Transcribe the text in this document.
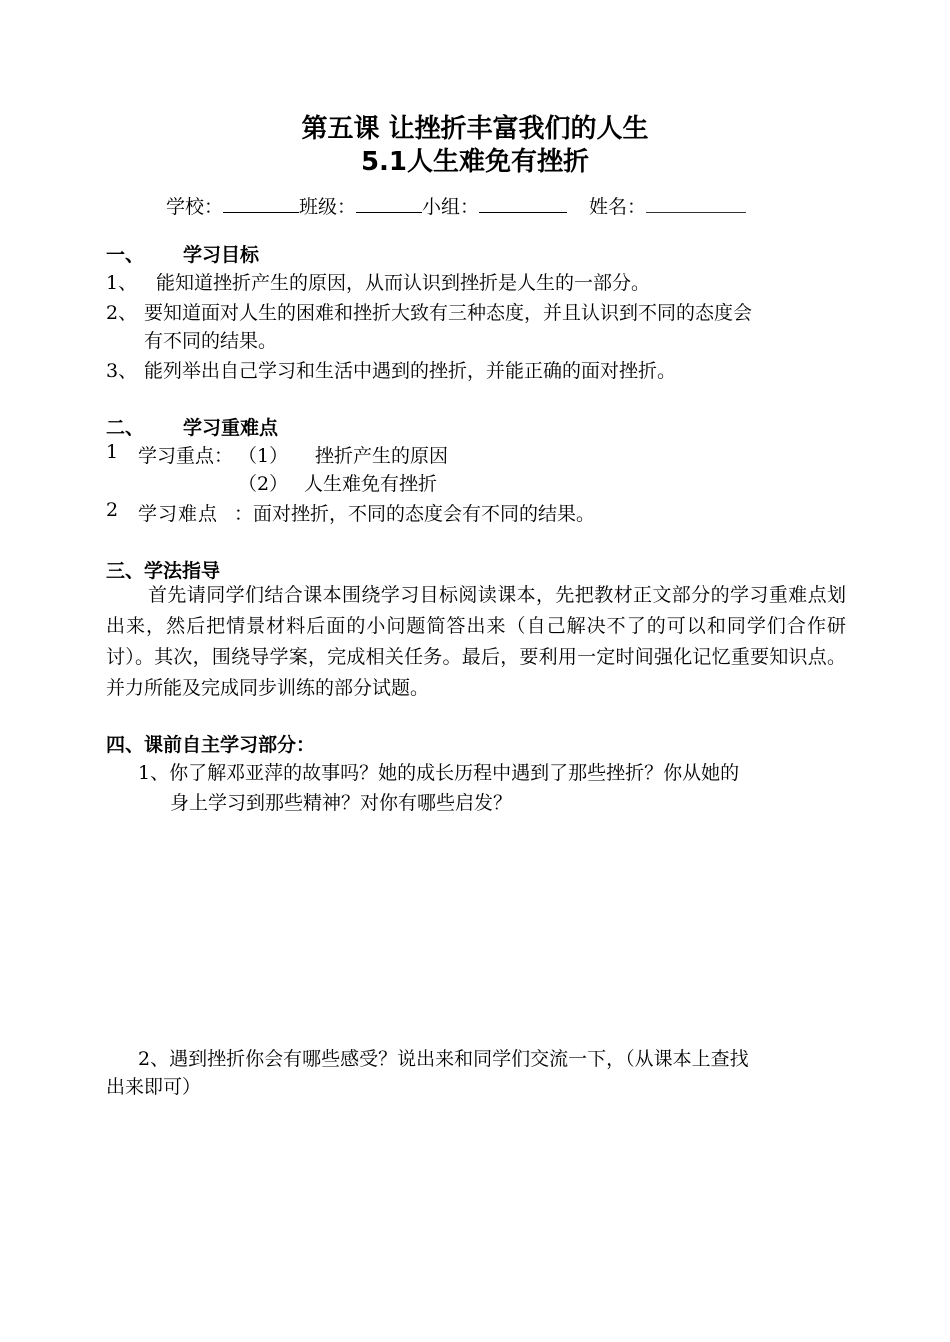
第五课 让挫折丰富我们的人生
5.1人生难免有挫折
学校：	班级：	小组：	姓名：
一、 学习目标
1、 能知道挫折产生的原因，从而认识到挫折是人生的一部分。
2、 要知道面对人生的困难和挫折大致有三种态度，并且认识到不同的态度会
有不同的结果。
3、 能列举出自己学习和生活中遇到的挫折，并能正确的面对挫折。
二、 学习重难点
1 学习重点： （1） 挫折产生的原因
（2） 人生难免有挫折
2 学习难点 ：面对挫折，不同的态度会有不同的结果。
三、学法指导
首先请同学们结合课本围绕学习目标阅读课本，先把教材正文部分的学习重难点划出来，然后把情景材料后面的小问题简答出来（自己解决不了的可以和同学们合作研讨）。其次，围绕导学案，完成相关任务。最后，要利用一定时间强化记忆重要知识点。并力所能及完成同步训练的部分试题。
四、课前自主学习部分：
1、你了解邓亚萍的故事吗？她的成长历程中遇到了那些挫折？你从她的
身上学习到那些精神？对你有哪些启发？
2、遇到挫折你会有哪些感受？说出来和同学们交流一下，（从课本上查找
出来即可）
